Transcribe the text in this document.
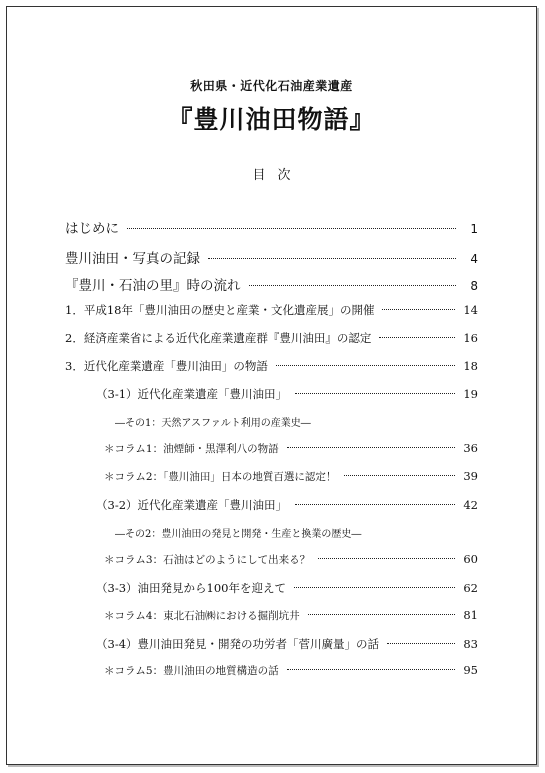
秋田県・近代化石油産業遺産
『豊川油田物語』
目次
はじめに	1
豊川油田・写真の記録	4
『豊川・石油の里』時の流れ	8
1．平成18年「豊川油田の歴史と産業・文化遺産展」の開催	14
2．経済産業省による近代化産業遺産群『豊川油田』の認定	16
3．近代化産業遺産「豊川油田」の物語	18
（3-1）近代化産業遺産「豊川油田」	19
―その1：天然アスファルト利用の産業史―
＊コラム1：油煙師・黒澤利八の物語	36
＊コラム2：「豊川油田」日本の地質百選に認定！	39
（3-2）近代化産業遺産「豊川油田」	42
―その2：豊川油田の発見と開発・生産と換業の歴史―
＊コラム3：石油はどのようにして出来る？	60
（3-3）油田発見から100年を迎えて	62
＊コラム4：東北石油㈱における掘削坑井	81
（3-4）豊川油田発見・開発の功労者「菅川廣量」の話	83
＊コラム5：豊川油田の地質構造の話	95
